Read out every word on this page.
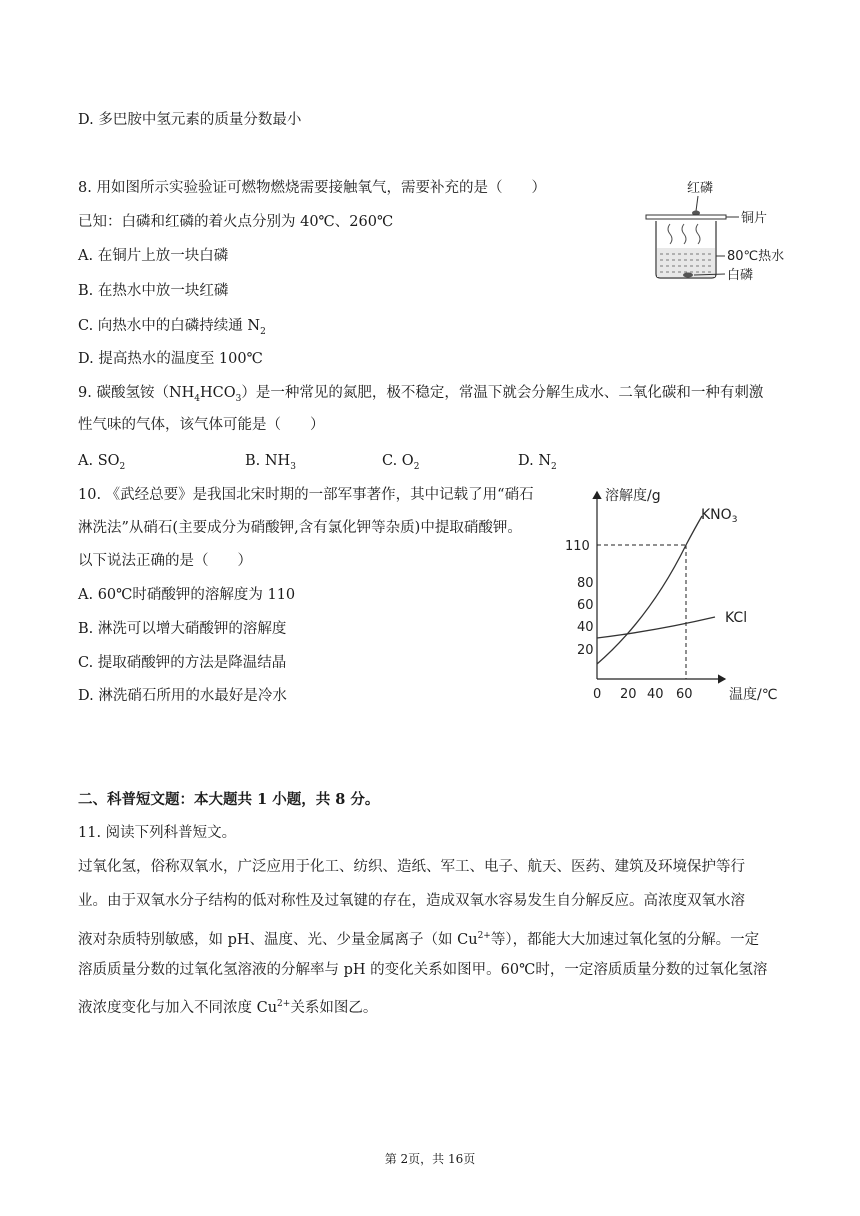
D. 多巴胺中氢元素的质量分数最小
8. 用如图所示实验验证可燃物燃烧需要接触氧气，需要补充的是（　　）
已知：白磷和红磷的着火点分别为 40℃、260℃
A. 在铜片上放一块白磷
B. 在热水中放一块红磷
C. 向热水中的白磷持续通 $N_2$
D. 提高热水的温度至 100℃
红磷
铜片
80℃热水
白磷
9. 碳酸氢铵$(NH_4HCO_3)$是一种常见的氮肥，极不稳定，常温下就会分解生成水、二氧化碳和一种有刺激
性气味的气体，该气体可能是（　　）
A. $SO_2$	B. $NH_3$	C. $O_2$	D. $N_2$
10. 《武经总要》是我国北宋时期的一部军事著作，其中记载了用“硝石
淋洗法”从硝石(主要成分为硝酸钾,含有氯化钾等杂质)中提取硝酸钾。
以下说法正确的是（　　）
A. 60℃时硝酸钾的溶解度为 110
B. 淋洗可以增大硝酸钾的溶解度
C. 提取硝酸钾的方法是降温结晶
D. 淋洗硝石所用的水最好是冷水
溶解度/g
温度/℃
110
80
60
40
20
0 20 40 60
$KNO_3$
KCl
二、科普短文题：本大题共 1 小题，共 8 分。
11. 阅读下列科普短文。
过氧化氢，俗称双氧水，广泛应用于化工、纺织、造纸、军工、电子、航天、医药、建筑及环境保护等行
业。由于双氧水分子结构的低对称性及过氧键的存在，造成双氧水容易发生自分解反应。高浓度双氧水溶
液对杂质特别敏感，如 pH、温度、光、少量金属离子（如 $Cu^{2+}$等），都能大大加速过氧化氢的分解。一定
溶质质量分数的过氧化氢溶液的分解率与 pH 的变化关系如图甲。60℃时，一定溶质质量分数的过氧化氢溶
液浓度变化与加入不同浓度 $Cu^{2+}$关系如图乙。
第 2页，共 16页
